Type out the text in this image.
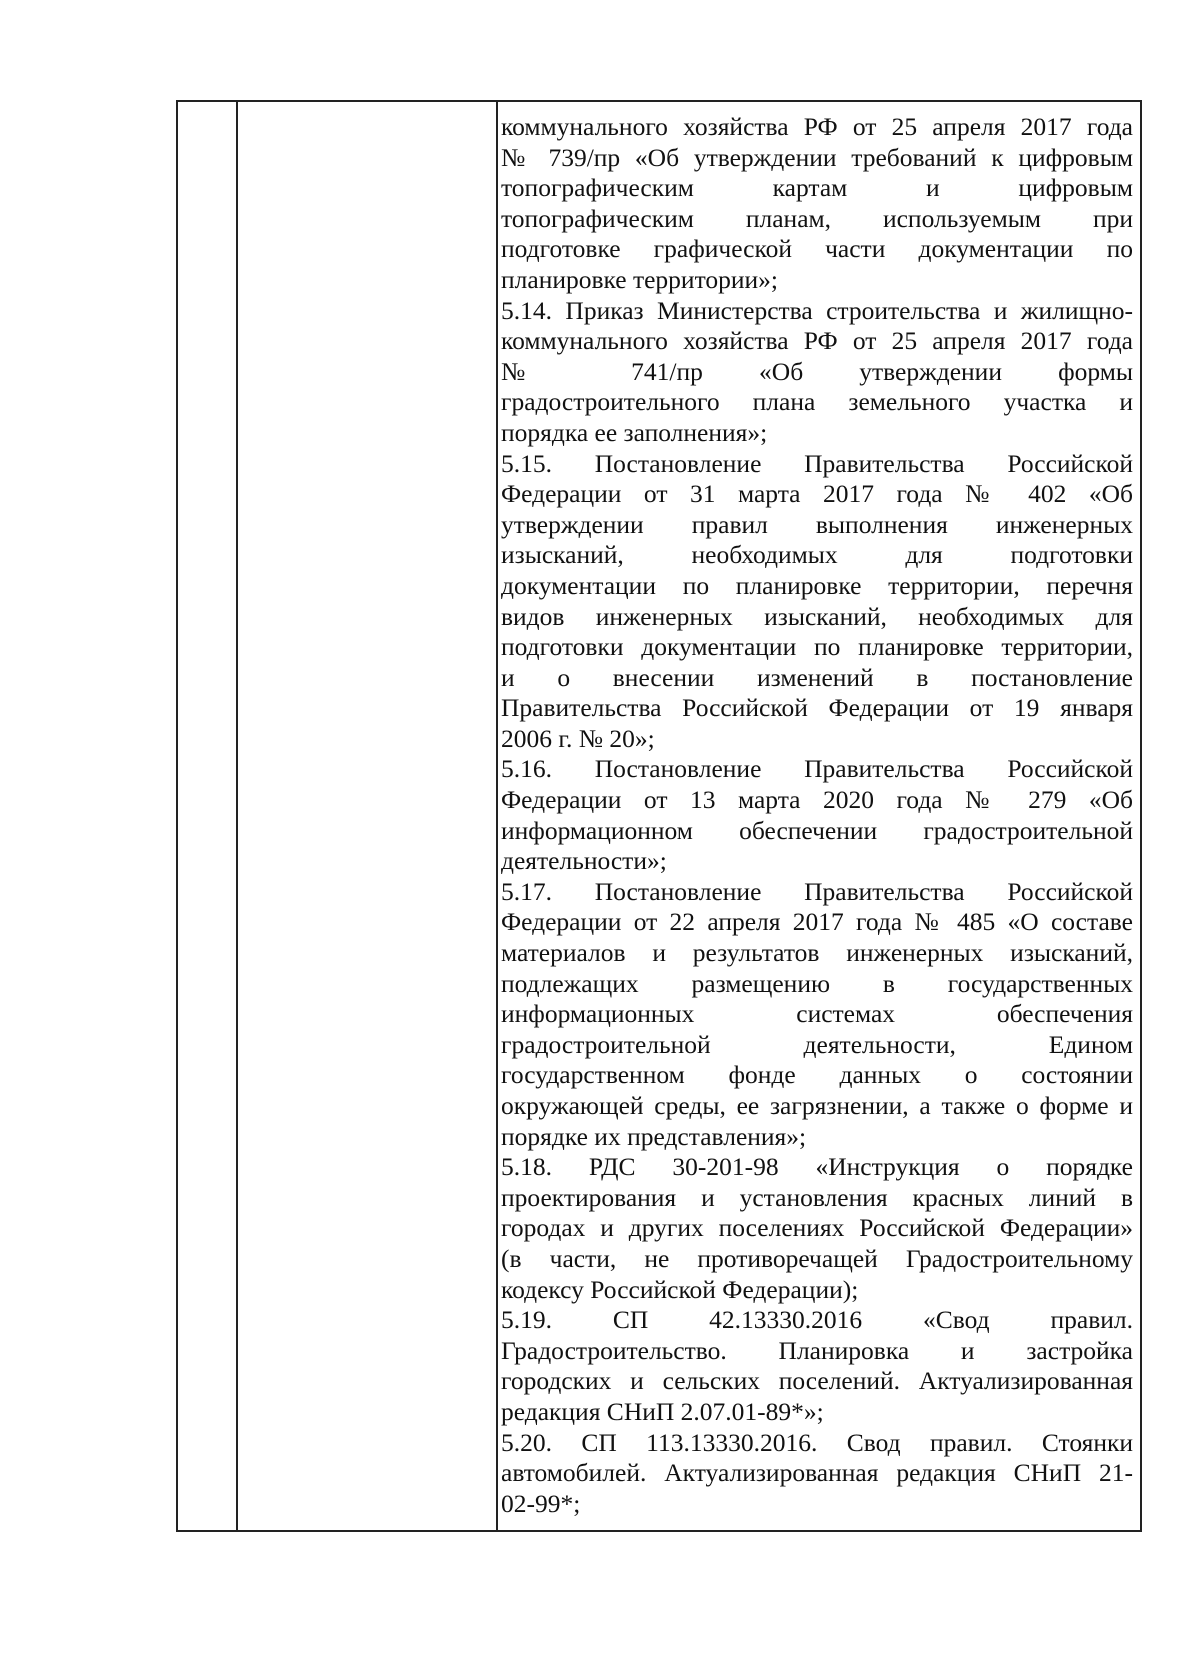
коммунального хозяйства РФ от 25 апреля 2017 года
№ 739/пр «Об утверждении требований к цифровым
топографическим картам и цифровым
топографическим планам, используемым при
подготовке графической части документации по
планировке территории»;
5.14. Приказ Министерства строительства и жилищно-
коммунального хозяйства РФ от 25 апреля 2017 года
№ 741/пр «Об утверждении формы
градостроительного плана земельного участка и
порядка ее заполнения»;
5.15. Постановление Правительства Российской
Федерации от 31 марта 2017 года № 402 «Об
утверждении правил выполнения инженерных
изысканий, необходимых для подготовки
документации по планировке территории, перечня
видов инженерных изысканий, необходимых для
подготовки документации по планировке территории,
и о внесении изменений в постановление
Правительства Российской Федерации от 19 января
2006 г. № 20»;
5.16. Постановление Правительства Российской
Федерации от 13 марта 2020 года № 279 «Об
информационном обеспечении градостроительной
деятельности»;
5.17. Постановление Правительства Российской
Федерации от 22 апреля 2017 года № 485 «О составе
материалов и результатов инженерных изысканий,
подлежащих размещению в государственных
информационных системах обеспечения
градостроительной деятельности, Едином
государственном фонде данных о состоянии
окружающей среды, ее загрязнении, а также о форме и
порядке их представления»;
5.18. РДС 30-201-98 «Инструкция о порядке
проектирования и установления красных линий в
городах и других поселениях Российской Федерации»
(в части, не противоречащей Градостроительному
кодексу Российской Федерации);
5.19. СП 42.13330.2016 «Свод правил.
Градостроительство. Планировка и застройка
городских и сельских поселений. Актуализированная
редакция СНиП 2.07.01-89*»;
5.20. СП 113.13330.2016. Свод правил. Стоянки
автомобилей. Актуализированная редакция СНиП 21-
02-99*;
